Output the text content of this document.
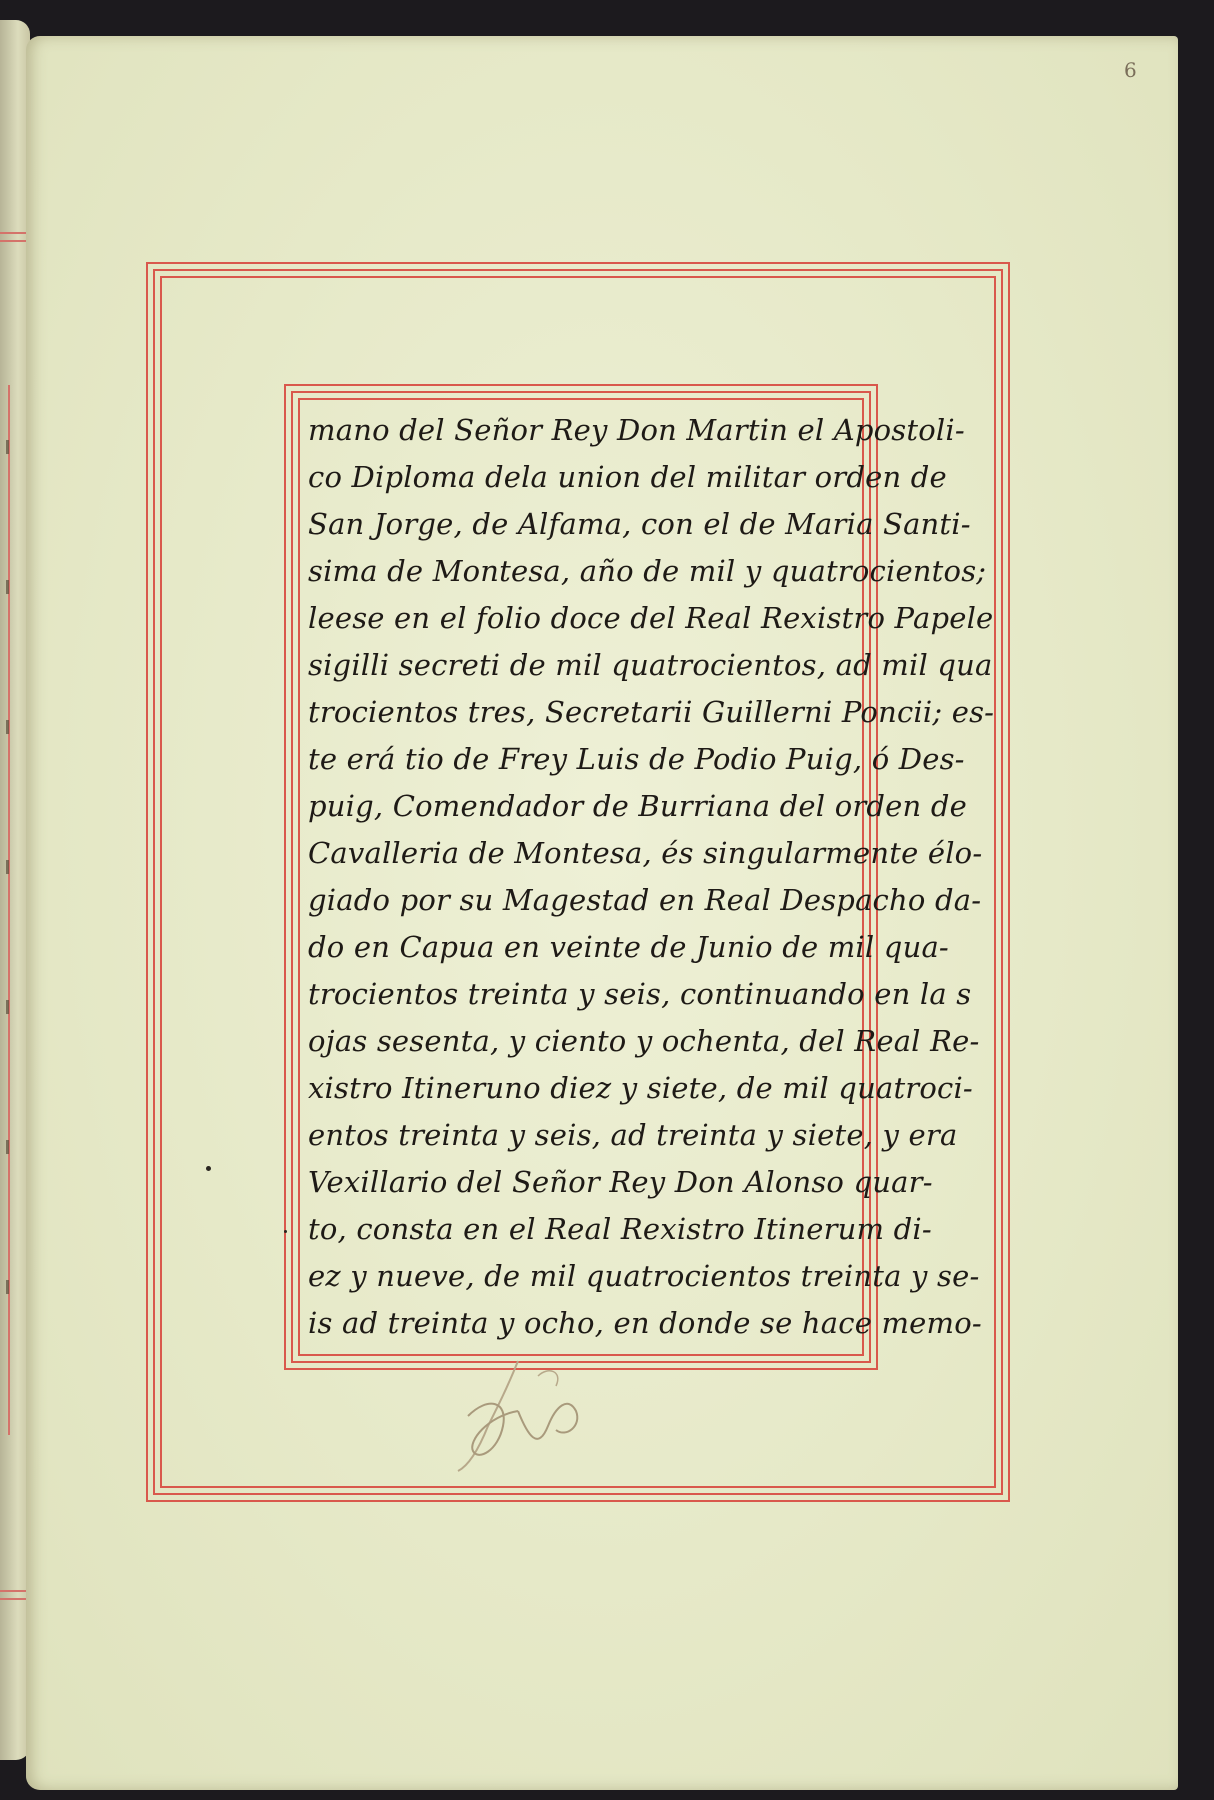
6
mano del Señor Rey Don Martin el Apostoli-
co Diploma dela union del militar orden de
San Jorge, de Alfama, con el de Maria Santi-
sima de Montesa, año de mil y quatrocientos;
leese en el folio doce del Real Rexistro Papele
sigilli secreti de mil quatrocientos, ad mil qua
trocientos tres, Secretarii Guillerni Poncii; es-
te erá tio de Frey Luis de Podio Puig, ó Des-
puig, Comendador de Burriana del orden de
Cavalleria de Montesa, és singularmente élo-
giado por su Magestad en Real Despacho da-
do en Capua en veinte de Junio de mil qua-
trocientos treinta y seis, continuando en la s
ojas sesenta, y ciento y ochenta, del Real Re-
xistro Itineruno diez y siete, de mil quatroci-
entos treinta y seis, ad treinta y siete, y era
Vexillario del Señor Rey Don Alonso quar-
to, consta en el Real Rexistro Itinerum di-
ez y nueve, de mil quatrocientos treinta y se-
is ad treinta y ocho, en donde se hace memo-
